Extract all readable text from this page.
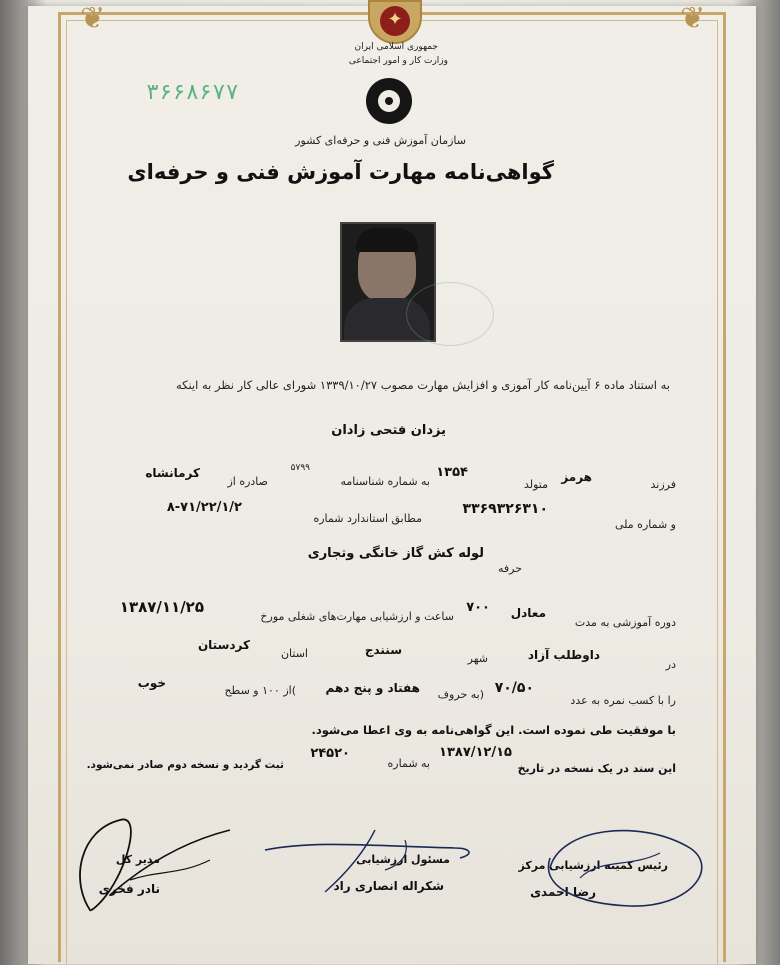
❦	❦
✦
جمهوری اسلامی ایران
وزارت کار و امور اجتماعی
۳۶۶۸۶۷۷
سازمان آموزش فنی و حرفه‌ای کشور
گواهی‌نامه مهارت آموزش فنی و حرفه‌ای
به استناد ماده ۶ آیین‌نامه کار آموزی و افزایش مهارت مصوب ۱۳۳۹/۱۰/۲۷ شورای عالی کار نظر به اینکه
یزدان فتحی زادان
فرزند
هرمز
متولد
۱۳۵۴
به شماره شناسنامه
۵۷۹۹
صادره از
کرمانشاه
و شماره ملی
۳۳۶۹۳۲۶۳۱۰
مطابق استاندارد شماره
۸-۷۱/۲۲/۱/۲
حرفه
لوله کش گاز خانگی وتجاری
دوره آموزشی به مدت
معادل
۷۰۰
ساعت و ارزشیابی مهارت‌های شغلی مورخ
۱۳۸۷/۱۱/۲۵
در
داوطلب آزاد
شهر
سنندج
استان
کردستان
را با کسب نمره به عدد
۷۰/۵۰
(به حروف
هفتاد و پنج دهم
)از ۱۰۰ و سطح
خوب
با موفقیت طی نموده است. این گواهی‌نامه به وی اعطا می‌شود.
این سند در یک نسخه در تاریخ
۱۳۸۷/۱۲/۱۵
به شماره
۲۴۵۲۰
ثبت گردید و نسخه دوم صادر نمی‌شود.
رئیس کمیته ارزشیابی مرکز
رضا احمدی
مسئول ارزشیابی
شکراله انصاری راد
مدیر کل
نادر فخری
